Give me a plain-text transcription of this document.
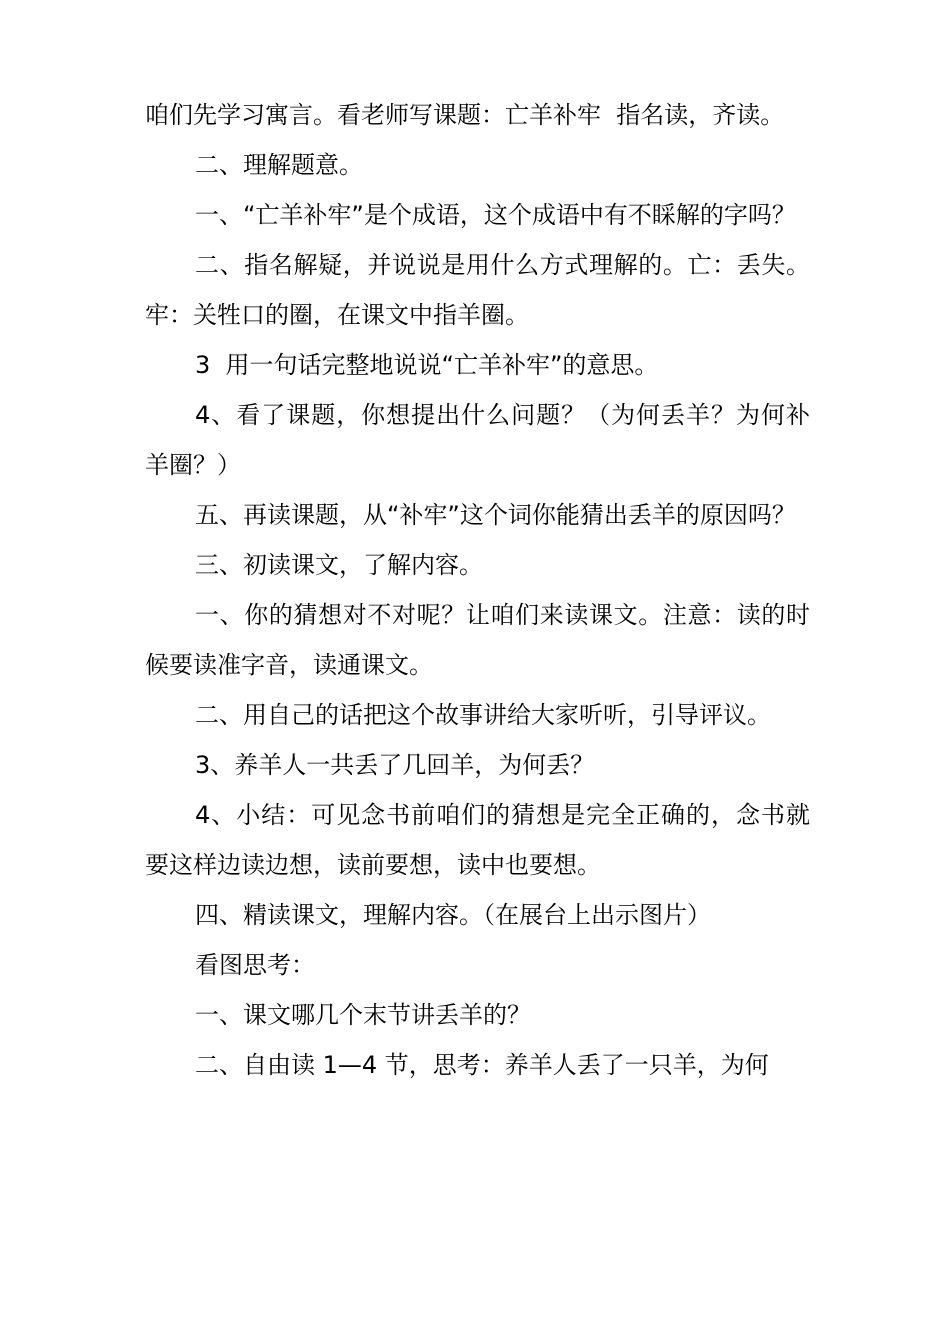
咱们先学习寓言。看老师写课题：亡羊补牢  指名读，齐读。

二、理解题意。

一、“亡羊补牢”是个成语，这个成语中有不睬解的字吗？

二、指名解疑，并说说是用什么方式理解的。亡：丢失。牢：关牲口的圈，在课文中指羊圈。

3  用一句话完整地说说“亡羊补牢”的意思。

4、看了课题，你想提出什么问题？（为何丢羊？为何补羊圈？）

五、再读课题，从“补牢”这个词你能猜出丢羊的原因吗？

三、初读课文，了解内容。

一、你的猜想对不对呢？让咱们来读课文。注意：读的时候要读准字音，读通课文。

二、用自己的话把这个故事讲给大家听听，引导评议。

3、养羊人一共丢了几回羊，为何丢？

4、小结：可见念书前咱们的猜想是完全正确的，念书就要这样边读边想，读前要想，读中也要想。

四、精读课文，理解内容。（在展台上出示图片）

看图思考：

一、课文哪几个末节讲丢羊的？

二、自由读 1—4 节，思考：养羊人丢了一只羊，为何
